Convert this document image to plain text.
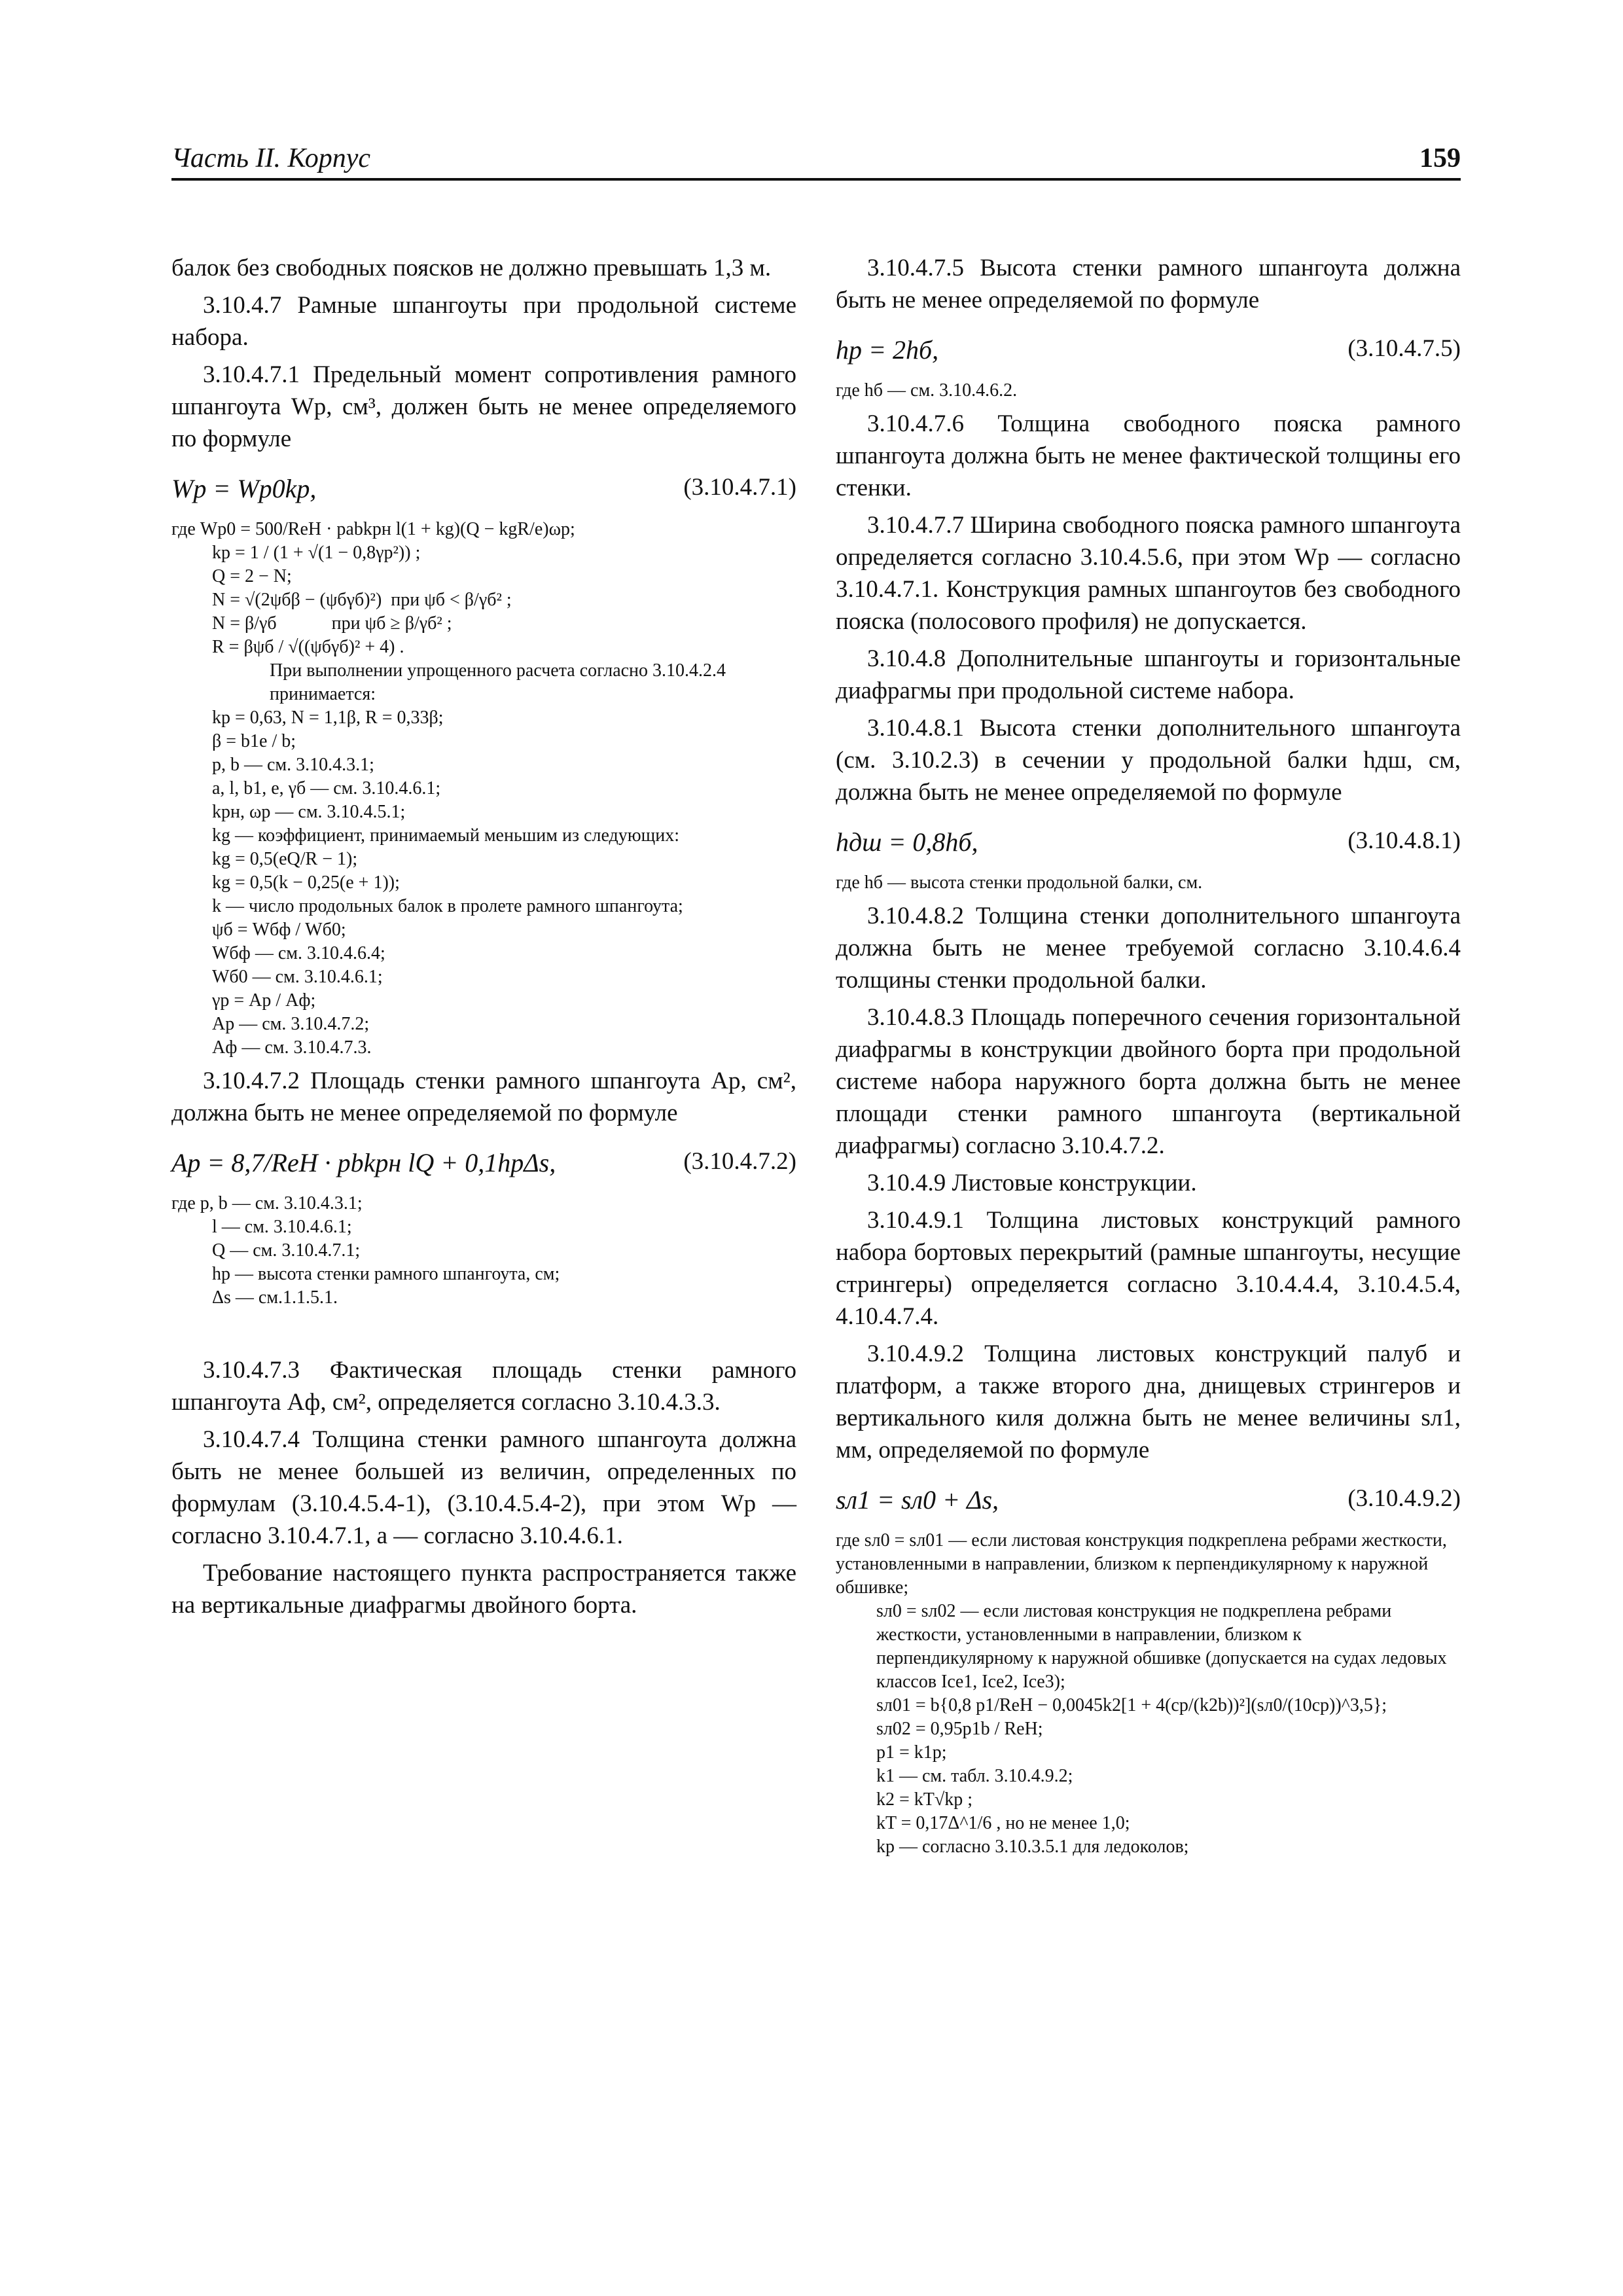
Часть II. Корпус	159

балок без свободных поясков не должно превышать 1,3 м.

3.10.4.7 Рамные шпангоуты при продольной системе набора.

3.10.4.7.1 Предельный момент сопротивления рамного шпангоута Wр, см³, должен быть не менее определяемого по формуле

Wр = Wр0kр,	(3.10.4.7.1)
где Wр0 = 500/ReH · pabkрн l(1 + kg)(Q − kgR/e)ωр;
kр = 1 / (1 + √(1 − 0,8γр²)) ;
Q = 2 − N;
N = √(2ψбβ − (ψбγб)²)  при ψб < β/γб² ;
N = β/γб            при ψб ≥ β/γб² ;
R = βψб / √((ψбγб)² + 4) .
При выполнении упрощенного расчета согласно 3.10.4.2.4 принимается:
kр = 0,63, N = 1,1β, R = 0,33β;
β = b1e / b;
p, b — см. 3.10.4.3.1;
a, l, b1, e, γб — см. 3.10.4.6.1;
kрн, ωр — см. 3.10.4.5.1;
kg — коэффициент, принимаемый меньшим из следующих:
kg = 0,5(eQ/R − 1);
kg = 0,5(k − 0,25(e + 1));
k — число продольных балок в пролете рамного шпангоута;
ψб = Wбф / Wб0;
Wбф — см. 3.10.4.6.4;
Wб0 — см. 3.10.4.6.1;
γр = Aр / Aф;
Aр — см. 3.10.4.7.2;
Aф — см. 3.10.4.7.3.

3.10.4.7.2 Площадь стенки рамного шпангоута Aр, см², должна быть не менее определяемой по формуле

Aр = 8,7/ReH · pbkрн lQ + 0,1hрΔs,	(3.10.4.7.2)
где p, b — см. 3.10.4.3.1;
l — см. 3.10.4.6.1;
Q — см. 3.10.4.7.1;
hр — высота стенки рамного шпангоута, см;
Δs — см.1.1.5.1.

3.10.4.7.3 Фактическая площадь стенки рамного шпангоута Aф, см², определяется согласно 3.10.4.3.3.

3.10.4.7.4 Толщина стенки рамного шпангоута должна быть не менее большей из величин, определенных по формулам (3.10.4.5.4-1), (3.10.4.5.4-2), при этом Wр — согласно 3.10.4.7.1, a — согласно 3.10.4.6.1.

Требование настоящего пункта распространяется также на вертикальные диафрагмы двойного борта.

3.10.4.7.5 Высота стенки рамного шпангоута должна быть не менее определяемой по формуле

hр = 2hб,	(3.10.4.7.5)
где hб — см. 3.10.4.6.2.

3.10.4.7.6 Толщина свободного пояска рамного шпангоута должна быть не менее фактической толщины его стенки.

3.10.4.7.7 Ширина свободного пояска рамного шпангоута определяется согласно 3.10.4.5.6, при этом Wр — согласно 3.10.4.7.1. Конструкция рамных шпангоутов без свободного пояска (полосового профиля) не допускается.

3.10.4.8 Дополнительные шпангоуты и горизонтальные диафрагмы при продольной системе набора.

3.10.4.8.1 Высота стенки дополнительного шпангоута (см. 3.10.2.3) в сечении у продольной балки hдш, см, должна быть не менее определяемой по формуле

hдш = 0,8hб,	(3.10.4.8.1)
где hб — высота стенки продольной балки, см.

3.10.4.8.2 Толщина стенки дополнительного шпангоута должна быть не менее требуемой согласно 3.10.4.6.4 толщины стенки продольной балки.

3.10.4.8.3 Площадь поперечного сечения горизонтальной диафрагмы в конструкции двойного борта при продольной системе набора наружного борта должна быть не менее площади стенки рамного шпангоута (вертикальной диафрагмы) согласно 3.10.4.7.2.

3.10.4.9 Листовые конструкции.

3.10.4.9.1 Толщина листовых конструкций рамного набора бортовых перекрытий (рамные шпангоуты, несущие стрингеры) определяется согласно 3.10.4.4.4, 3.10.4.5.4, 4.10.4.7.4.

3.10.4.9.2 Толщина листовых конструкций палуб и платформ, а также второго дна, днищевых стрингеров и вертикального киля должна быть не менее величины sл1, мм, определяемой по формуле

sл1 = sл0 + Δs,	(3.10.4.9.2)
где sл0 = sл01 — если листовая конструкция подкреплена ребрами жесткости, установленными в направлении, близком к перпендикулярному к наружной обшивке;
sл0 = sл02 — если листовая конструкция не подкреплена ребрами жесткости, установленными в направлении, близком к перпендикулярному к наружной обшивке (допускается на судах ледовых классов Ice1, Ice2, Ice3);
sл01 = b{0,8 p1/ReH − 0,0045k2[1 + 4(cр/(k2b))²](sл0/(10cр))^3,5};
sл02 = 0,95p1b / ReH;
p1 = k1p;
k1 — см. табл. 3.10.4.9.2;
k2 = kT√kр ;
kT = 0,17Δ^1/6 , но не менее 1,0;
kр — согласно 3.10.3.5.1 для ледоколов;
